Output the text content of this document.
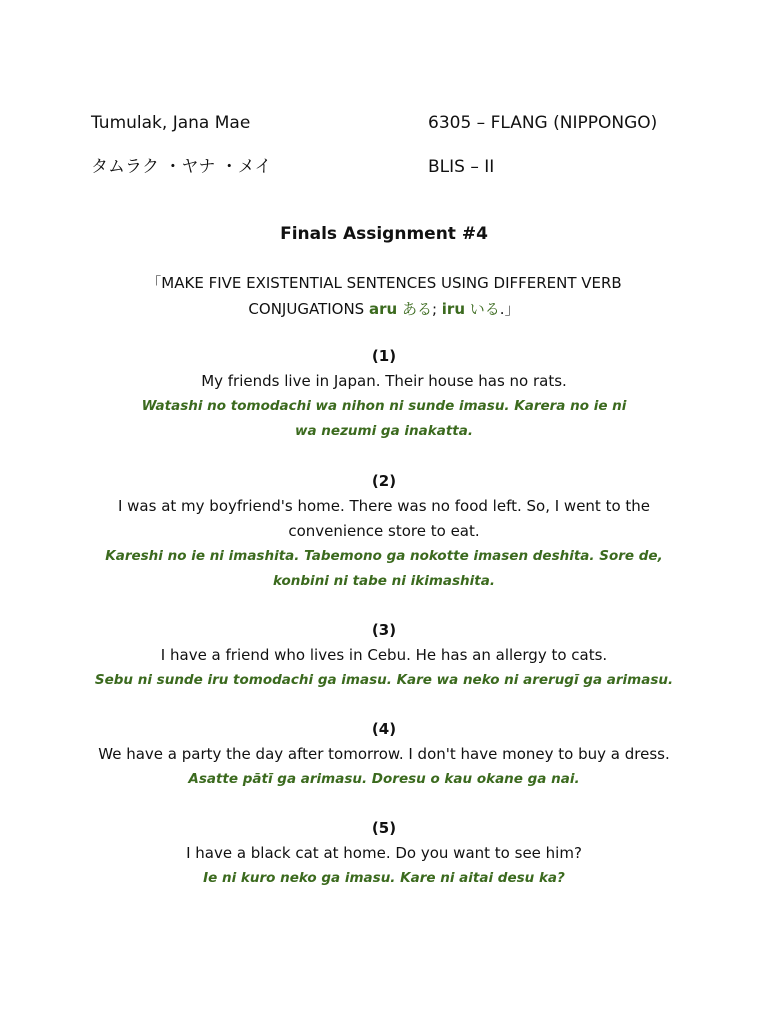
Tumulak, Jana Mae	6305 – FLANG (NIPPONGO)
タムラク ・ヤナ ・メイ	BLIS – II
Finals Assignment #4
「MAKE FIVE EXISTENTIAL SENTENCES USING DIFFERENT VERB
CONJUGATIONS aru ある; iru いる.」
(1)
My friends live in Japan. Their house has no rats.
Watashi no tomodachi wa nihon ni sunde imasu. Karera no ie ni
wa nezumi ga inakatta.
(2)
I was at my boyfriend's home. There was no food left. So, I went to the
convenience store to eat.
Kareshi no ie ni imashita. Tabemono ga nokotte imasen deshita. Sore de,
konbini ni tabe ni ikimashita.
(3)
I have a friend who lives in Cebu. He has an allergy to cats.
Sebu ni sunde iru tomodachi ga imasu. Kare wa neko ni arerugī ga arimasu.
(4)
We have a party the day after tomorrow. I don't have money to buy a dress.
Asatte pātī ga arimasu. Doresu o kau okane ga nai.
(5)
I have a black cat at home. Do you want to see him?
Ie ni kuro neko ga imasu. Kare ni aitai desu ka?
